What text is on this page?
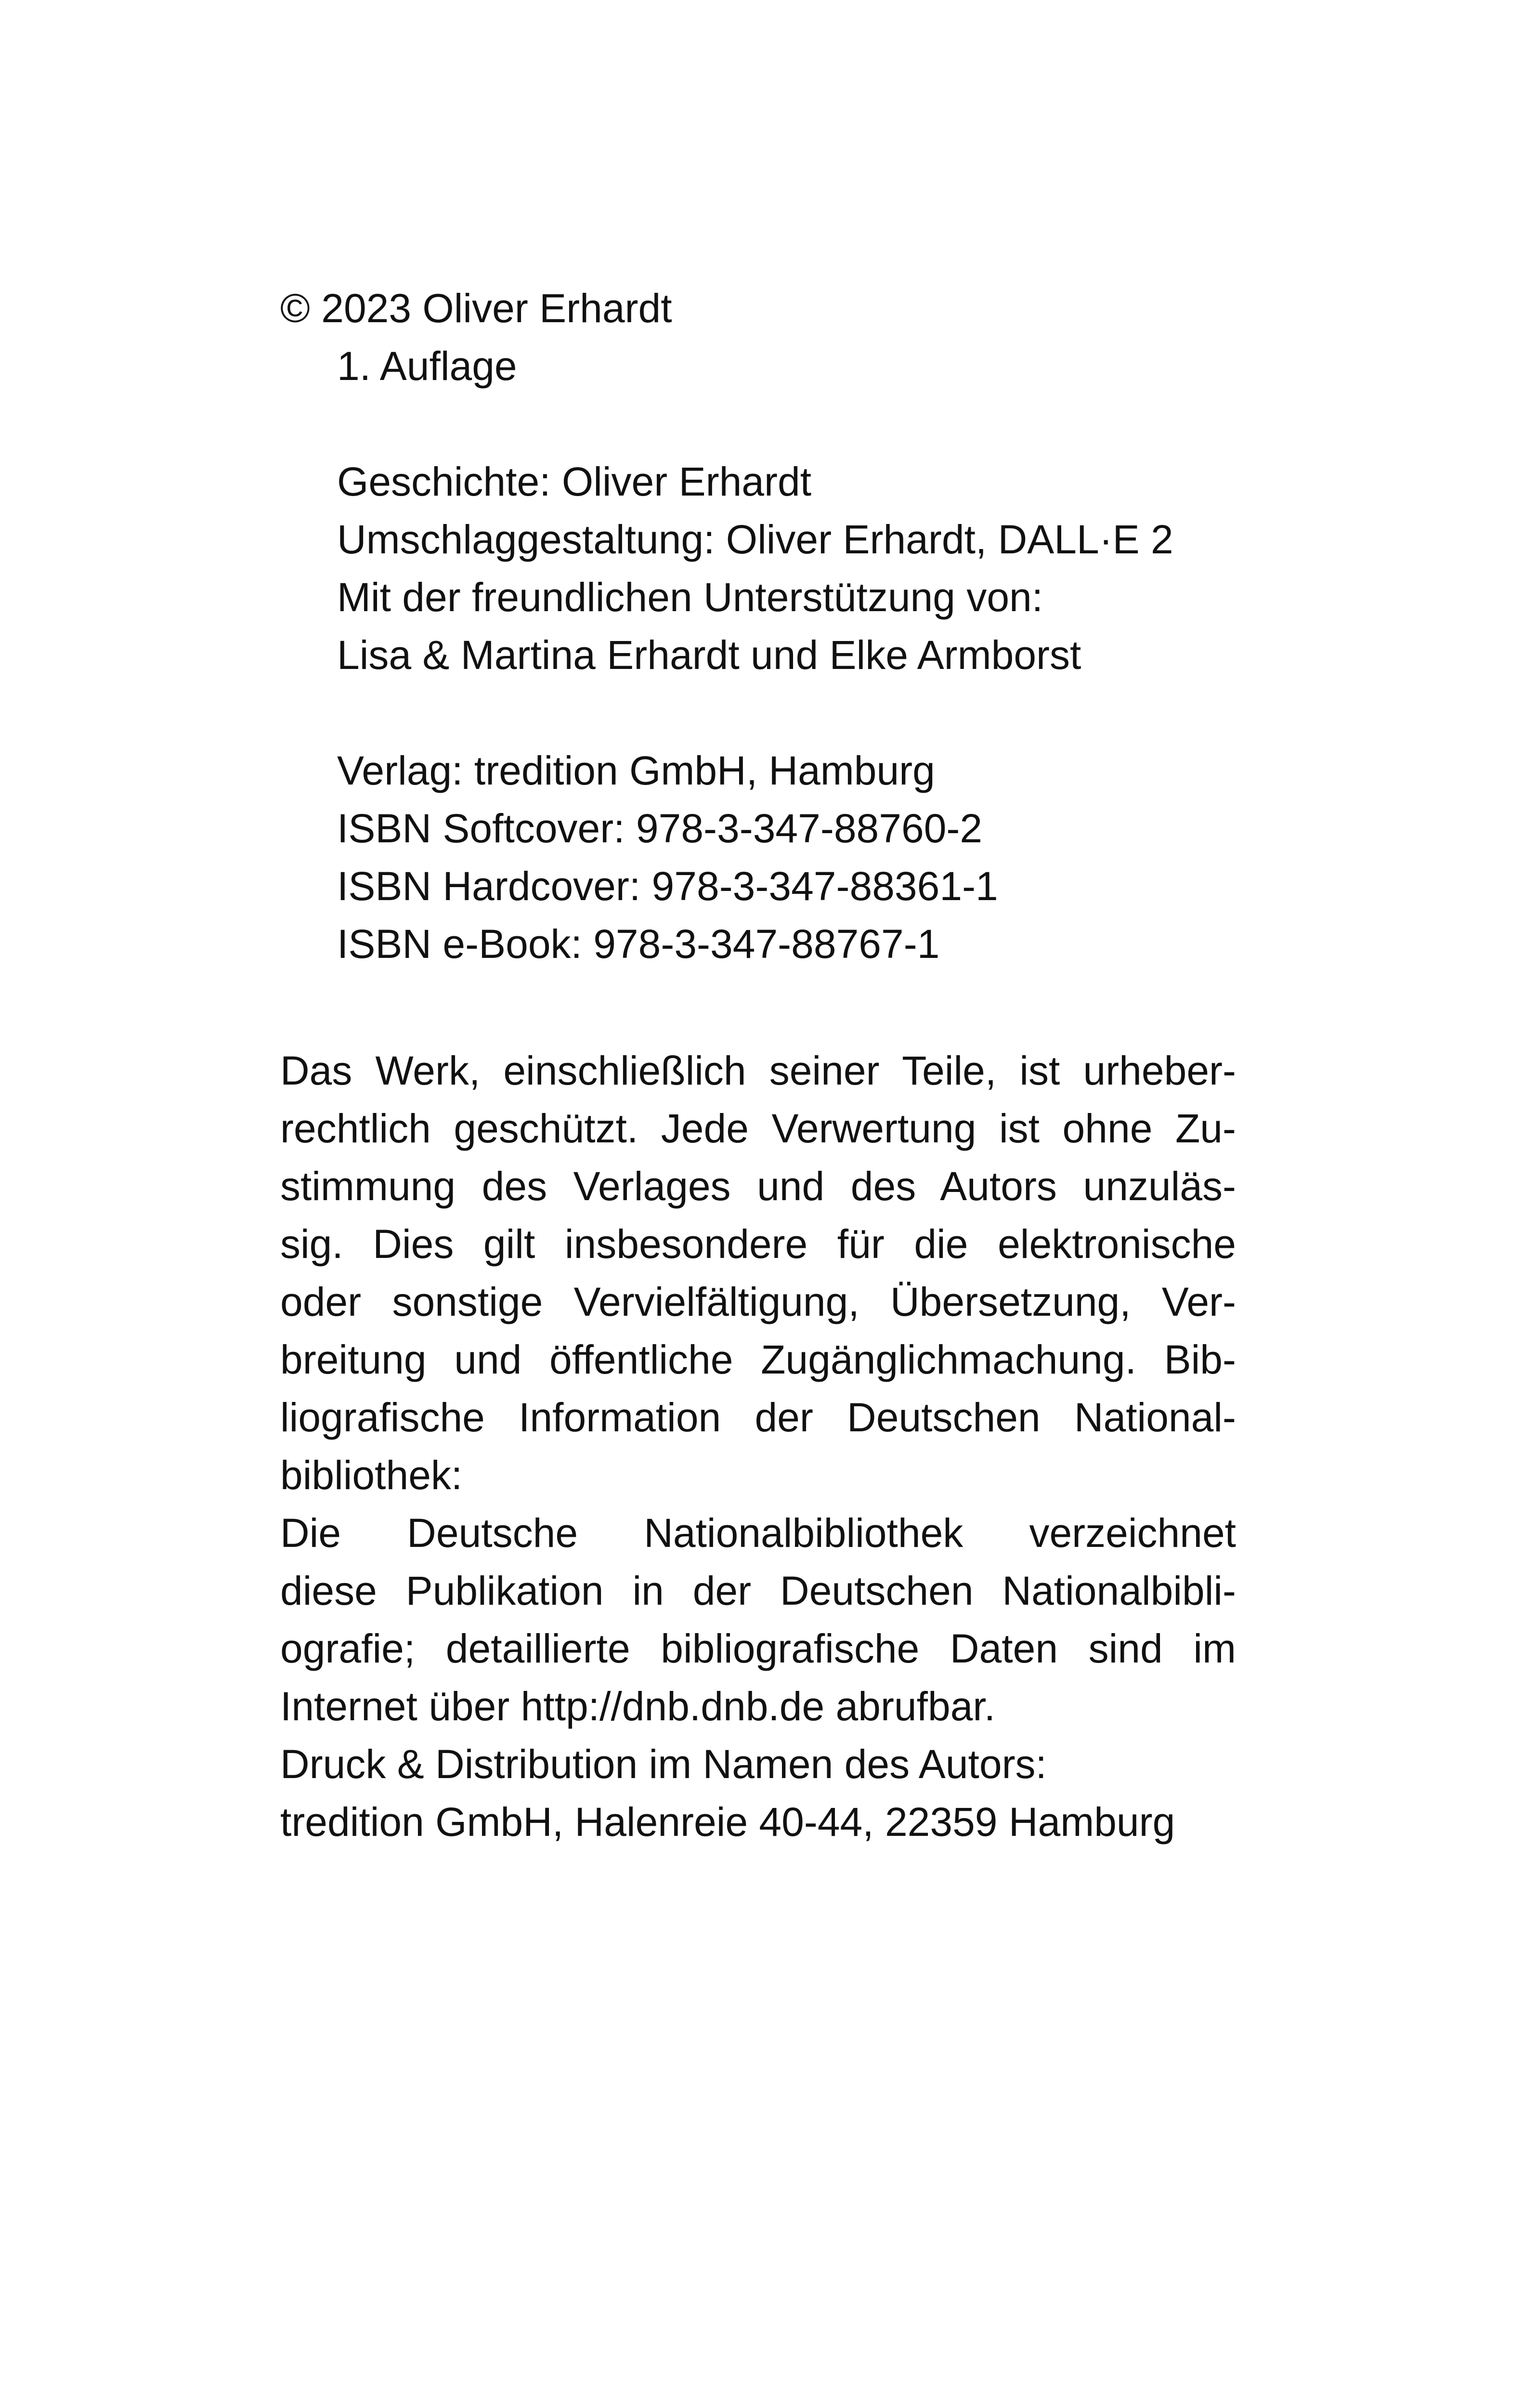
© 2023 Oliver Erhardt
1. Auflage
Geschichte: Oliver Erhardt
Umschlaggestaltung: Oliver Erhardt, DALL·E 2
Mit der freundlichen Unterstützung von:
Lisa & Martina Erhardt und Elke Armborst
Verlag: tredition GmbH, Hamburg
ISBN Softcover: 978-3-347-88760-2
ISBN Hardcover: 978-3-347-88361-1
ISBN e-Book: 978-3-347-88767-1
Das Werk, einschließlich seiner Teile, ist urheber-
rechtlich geschützt. Jede Verwertung ist ohne Zu-
stimmung des Verlages und des Autors unzuläs-
sig. Dies gilt insbesondere für die elektronische
oder sonstige Vervielfältigung, Übersetzung, Ver-
breitung und öffentliche Zugänglichmachung. Bib-
liografische Information der Deutschen National-
bibliothek:
Die Deutsche Nationalbibliothek verzeichnet
diese Publikation in der Deutschen Nationalbibli-
ografie; detaillierte bibliografische Daten sind im
Internet über http://dnb.dnb.de abrufbar.
Druck & Distribution im Namen des Autors:
tredition GmbH, Halenreie 40-44, 22359 Hamburg
